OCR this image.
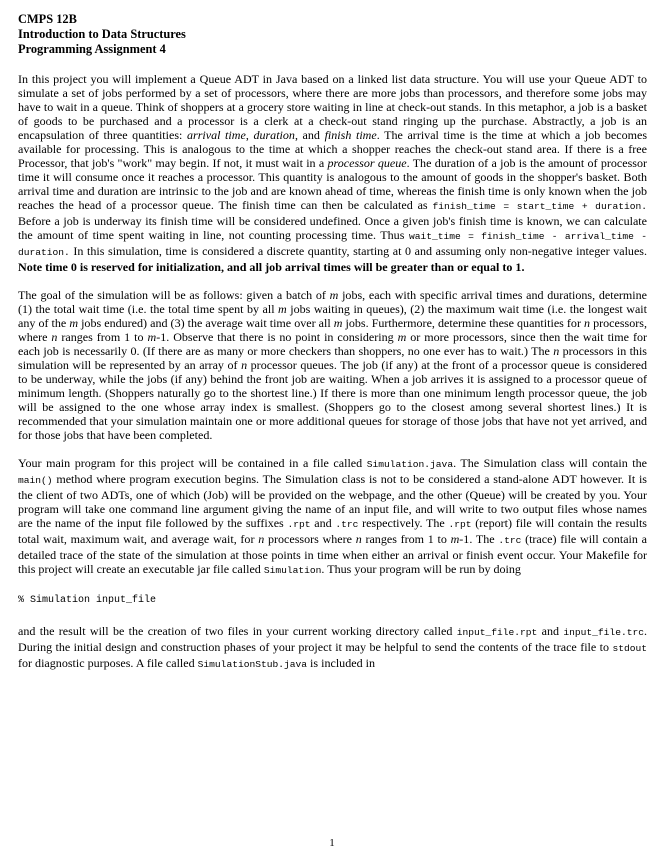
CMPS 12B
Introduction to Data Structures
Programming Assignment 4

In this project you will implement a Queue ADT in Java based on a linked list data structure. You will use your Queue ADT to simulate a set of jobs performed by a set of processors, where there are more jobs than processors, and therefore some jobs may have to wait in a queue. Think of shoppers at a grocery store waiting in line at check-out stands. In this metaphor, a job is a basket of goods to be purchased and a processor is a clerk at a check-out stand ringing up the purchase. Abstractly, a job is an encapsulation of three quantities: arrival time, duration, and finish time. The arrival time is the time at which a job becomes available for processing. This is analogous to the time at which a shopper reaches the check-out stand area. If there is a free Processor, that job's "work" may begin. If not, it must wait in a processor queue. The duration of a job is the amount of processor time it will consume once it reaches a processor. This quantity is analogous to the amount of goods in the shopper's basket. Both arrival time and duration are intrinsic to the job and are known ahead of time, whereas the finish time is only known when the job reaches the head of a processor queue. The finish time can then be calculated as finish_time = start_time + duration. Before a job is underway its finish time will be considered undefined. Once a given job's finish time is known, we can calculate the amount of time spent waiting in line, not counting processing time. Thus wait_time = finish_time - arrival_time - duration. In this simulation, time is considered a discrete quantity, starting at 0 and assuming only non-negative integer values. Note time 0 is reserved for initialization, and all job arrival times will be greater than or equal to 1.

The goal of the simulation will be as follows: given a batch of m jobs, each with specific arrival times and durations, determine (1) the total wait time (i.e. the total time spent by all m jobs waiting in queues), (2) the maximum wait time (i.e. the longest wait any of the m jobs endured) and (3) the average wait time over all m jobs. Furthermore, determine these quantities for n processors, where n ranges from 1 to m-1. Observe that there is no point in considering m or more processors, since then the wait time for each job is necessarily 0. (If there are as many or more checkers than shoppers, no one ever has to wait.) The n processors in this simulation will be represented by an array of n processor queues. The job (if any) at the front of a processor queue is considered to be underway, while the jobs (if any) behind the front job are waiting. When a job arrives it is assigned to a processor queue of minimum length. (Shoppers naturally go to the shortest line.) If there is more than one minimum length processor queue, the job will be assigned to the one whose array index is smallest. (Shoppers go to the closest among several shortest lines.) It is recommended that your simulation maintain one or more additional queues for storage of those jobs that have not yet arrived, and for those jobs that have been completed.

Your main program for this project will be contained in a file called Simulation.java. The Simulation class will contain the main() method where program execution begins. The Simulation class is not to be considered a stand-alone ADT however. It is the client of two ADTs, one of which (Job) will be provided on the webpage, and the other (Queue) will be created by you. Your program will take one command line argument giving the name of an input file, and will write to two output files whose names are the name of the input file followed by the suffixes .rpt and .trc respectively. The .rpt (report) file will contain the results total wait, maximum wait, and average wait, for n processors where n ranges from 1 to m-1. The .trc (trace) file will contain a detailed trace of the state of the simulation at those points in time when either an arrival or finish event occur. Your Makefile for this project will create an executable jar file called Simulation. Thus your program will be run by doing

% Simulation input_file

and the result will be the creation of two files in your current working directory called input_file.rpt and input_file.trc. During the initial design and construction phases of your project it may be helpful to send the contents of the trace file to stdout for diagnostic purposes. A file called SimulationStub.java is included in

1
